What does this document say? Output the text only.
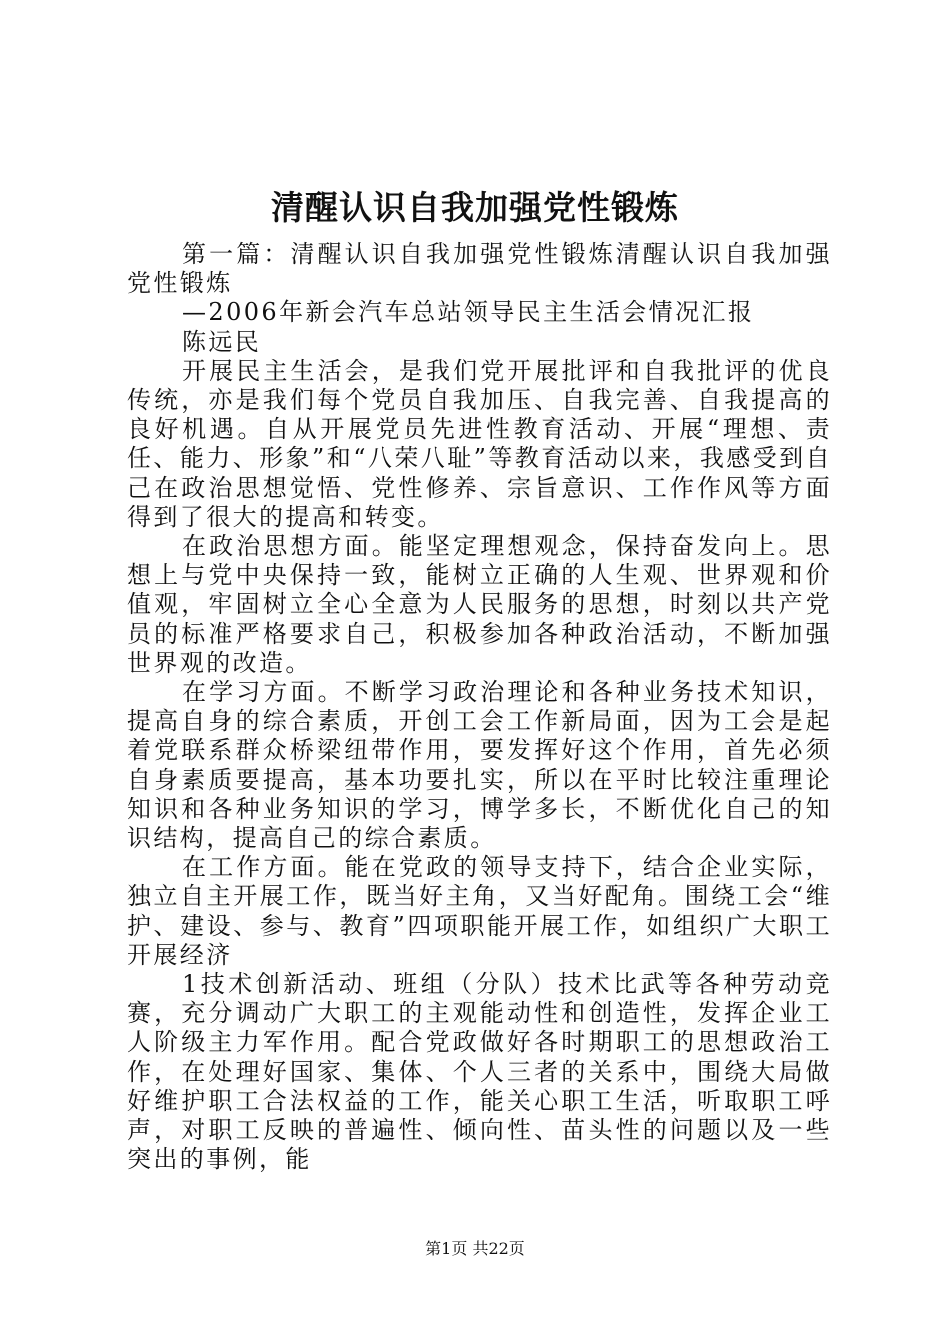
清醒认识自我加强党性锻炼

第一篇：清醒认识自我加强党性锻炼清醒认识自我加强党性锻炼

—2006年新会汽车总站领导民主生活会情况汇报

陈远民

开展民主生活会，是我们党开展批评和自我批评的优良传统，亦是我们每个党员自我加压、自我完善、自我提高的良好机遇。自从开展党员先进性教育活动、开展“理想、责任、能力、形象”和“八荣八耻”等教育活动以来，我感受到自己在政治思想觉悟、党性修养、宗旨意识、工作作风等方面得到了很大的提高和转变。

在政治思想方面。能坚定理想观念，保持奋发向上。思想上与党中央保持一致，能树立正确的人生观、世界观和价值观，牢固树立全心全意为人民服务的思想，时刻以共产党员的标准严格要求自己，积极参加各种政治活动，不断加强世界观的改造。

在学习方面。不断学习政治理论和各种业务技术知识，提高自身的综合素质，开创工会工作新局面，因为工会是起着党联系群众桥梁纽带作用，要发挥好这个作用，首先必须自身素质要提高，基本功要扎实，所以在平时比较注重理论知识和各种业务知识的学习，博学多长，不断优化自己的知识结构，提高自己的综合素质。

在工作方面。能在党政的领导支持下，结合企业实际，独立自主开展工作，既当好主角，又当好配角。围绕工会“维护、建设、参与、教育”四项职能开展工作，如组织广大职工开展经济

1技术创新活动、班组（分队）技术比武等各种劳动竞赛，充分调动广大职工的主观能动性和创造性，发挥企业工人阶级主力军作用。配合党政做好各时期职工的思想政治工作，在处理好国家、集体、个人三者的关系中，围绕大局做好维护职工合法权益的工作，能关心职工生活，听取职工呼声，对职工反映的普遍性、倾向性、苗头性的问题以及一些突出的事例，能

第1页 共22页
